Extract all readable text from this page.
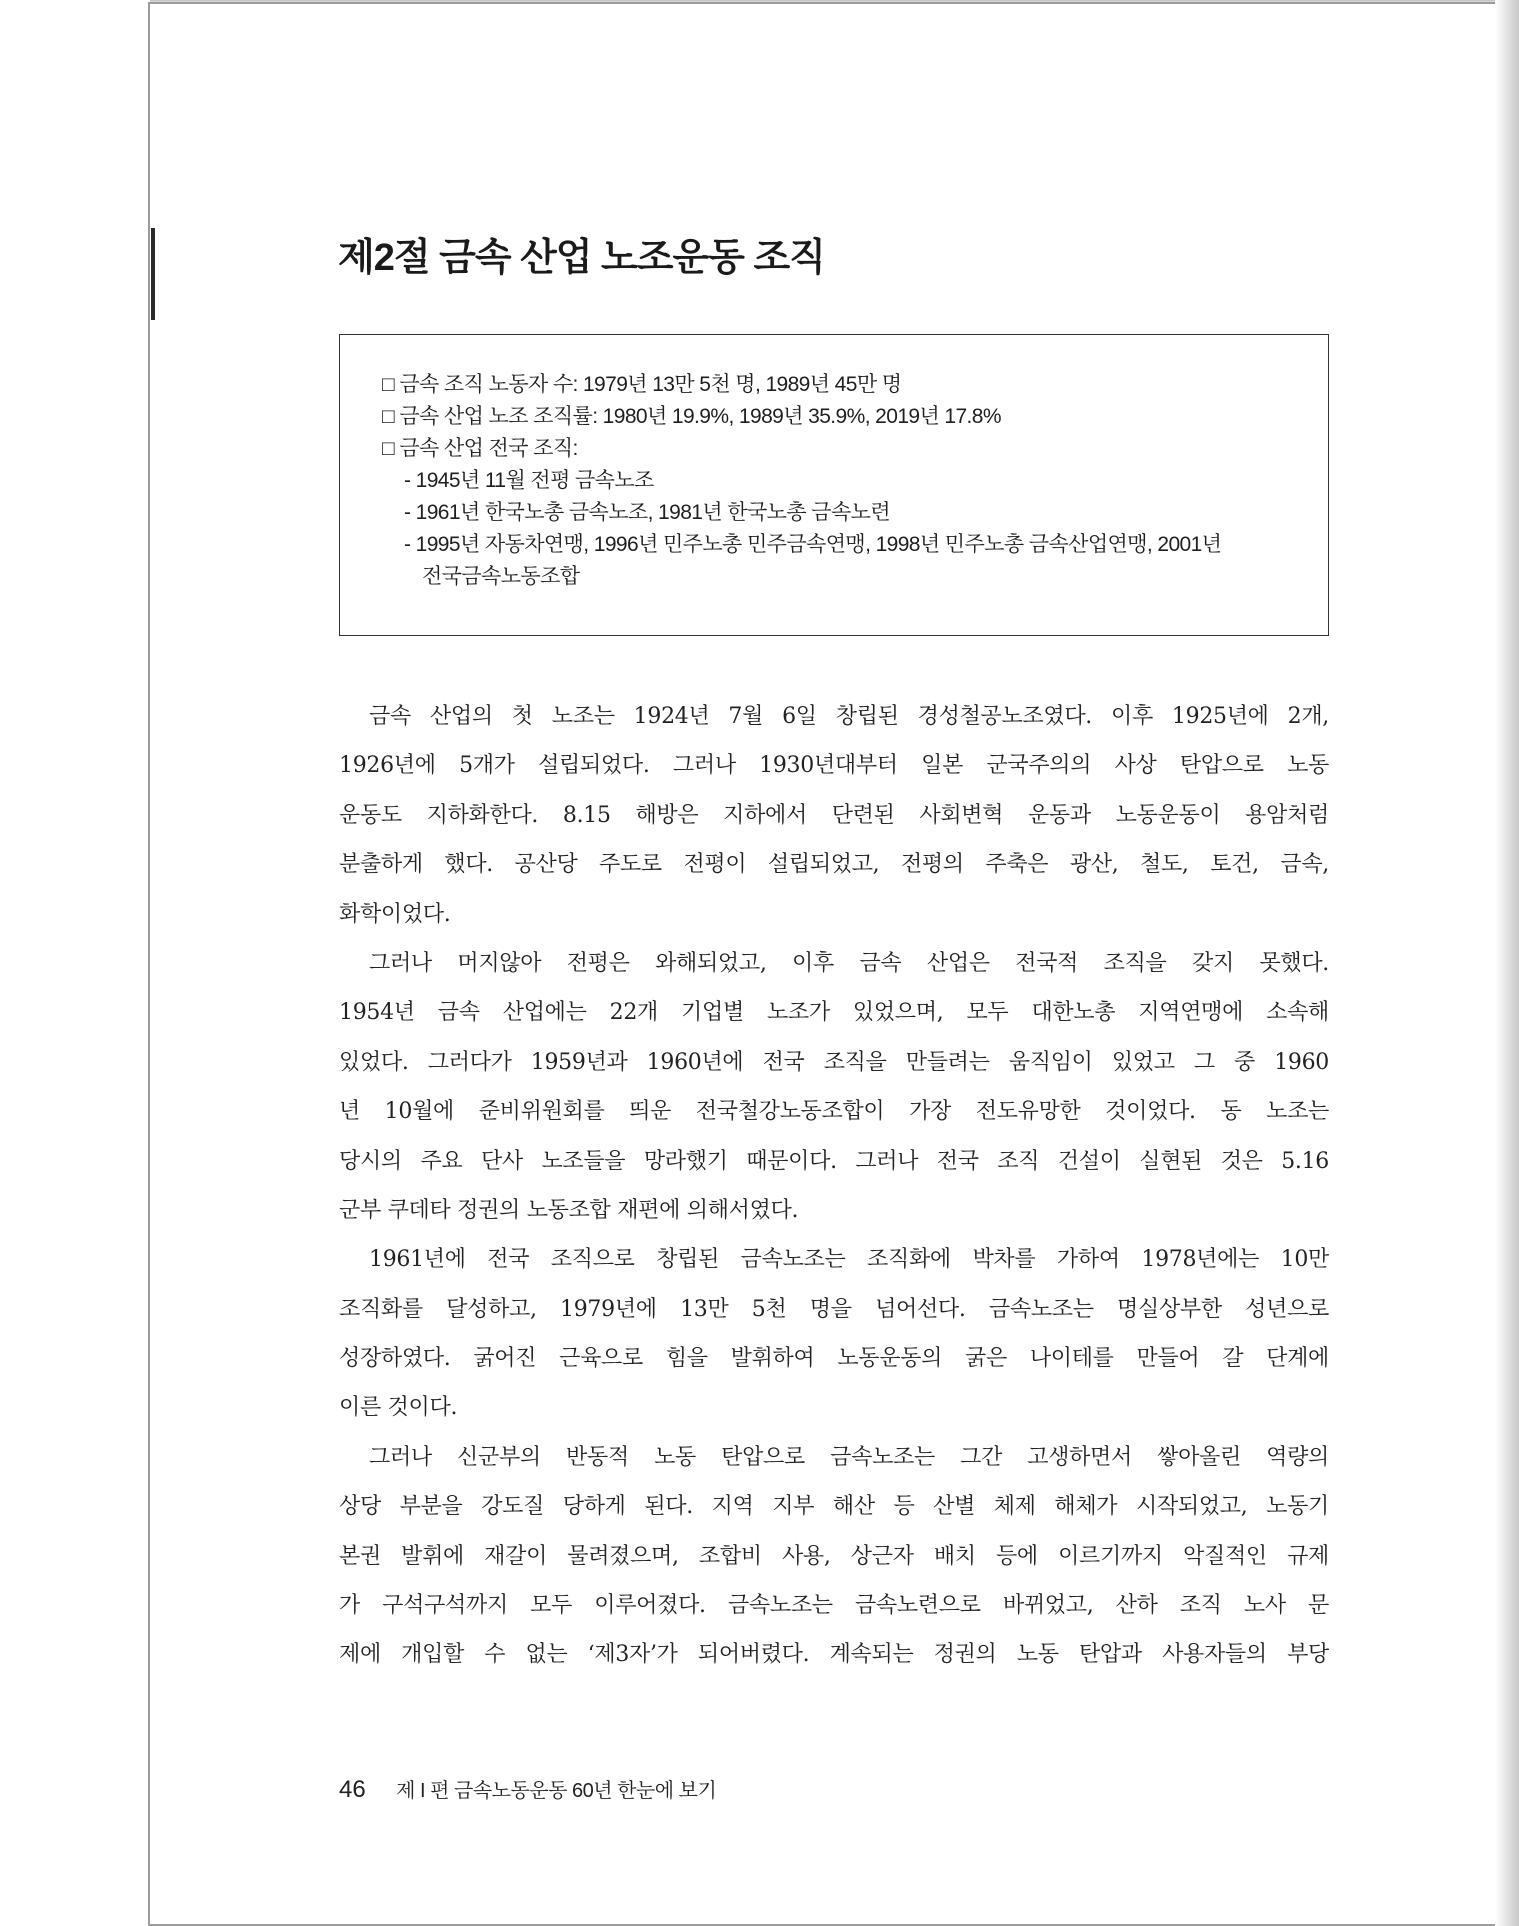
제2절 금속 산업 노조운동 조직
□ 금속 조직 노동자 수: 1979년 13만 5천 명, 1989년 45만 명
□ 금속 산업 노조 조직률: 1980년 19.9%, 1989년 35.9%, 2019년 17.8%
□ 금속 산업 전국 조직:
- 1945년 11월 전평 금속노조
- 1961년 한국노총 금속노조, 1981년 한국노총 금속노련
- 1995년 자동차연맹, 1996년 민주노총 민주금속연맹, 1998년 민주노총 금속산업연맹, 2001년
전국금속노동조합
금속 산업의 첫 노조는 1924년 7월 6일 창립된 경성철공노조였다. 이후 1925년에 2개,
1926년에 5개가 설립되었다. 그러나 1930년대부터 일본 군국주의의 사상 탄압으로 노동
운동도 지하화한다. 8.15 해방은 지하에서 단련된 사회변혁 운동과 노동운동이 용암처럼
분출하게 했다. 공산당 주도로 전평이 설립되었고, 전평의 주축은 광산, 철도, 토건, 금속,
화학이었다.
그러나 머지않아 전평은 와해되었고, 이후 금속 산업은 전국적 조직을 갖지 못했다.
1954년 금속 산업에는 22개 기업별 노조가 있었으며, 모두 대한노총 지역연맹에 소속해
있었다. 그러다가 1959년과 1960년에 전국 조직을 만들려는 움직임이 있었고 그 중 1960
년 10월에 준비위원회를 띄운 전국철강노동조합이 가장 전도유망한 것이었다. 동 노조는
당시의 주요 단사 노조들을 망라했기 때문이다. 그러나 전국 조직 건설이 실현된 것은 5.16
군부 쿠데타 정권의 노동조합 재편에 의해서였다.
1961년에 전국 조직으로 창립된 금속노조는 조직화에 박차를 가하여 1978년에는 10만
조직화를 달성하고, 1979년에 13만 5천 명을 넘어선다. 금속노조는 명실상부한 성년으로
성장하였다. 굵어진 근육으로 힘을 발휘하여 노동운동의 굵은 나이테를 만들어 갈 단계에
이른 것이다.
그러나 신군부의 반동적 노동 탄압으로 금속노조는 그간 고생하면서 쌓아올린 역량의
상당 부분을 강도질 당하게 된다. 지역 지부 해산 등 산별 체제 해체가 시작되었고, 노동기
본권 발휘에 재갈이 물려졌으며, 조합비 사용, 상근자 배치 등에 이르기까지 악질적인 규제
가 구석구석까지 모두 이루어졌다. 금속노조는 금속노련으로 바뀌었고, 산하 조직 노사 문
제에 개입할 수 없는 ‘제3자’가 되어버렸다. 계속되는 정권의 노동 탄압과 사용자들의 부당
46 제 I 편 금속노동운동 60년 한눈에 보기
